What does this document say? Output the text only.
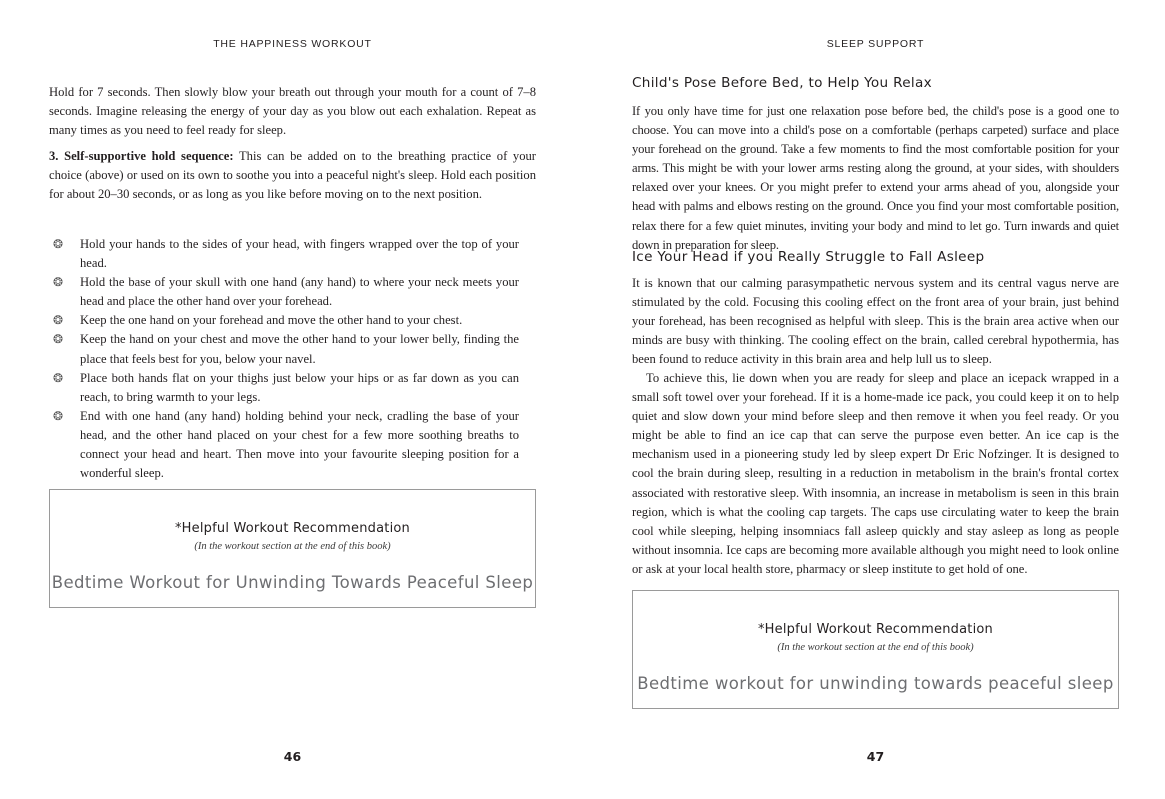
THE HAPPINESS WORKOUT

Hold for 7 seconds. Then slowly blow your breath out through your mouth for a count of 7–8 seconds. Imagine releasing the energy of your day as you blow out each exhalation. Repeat as many times as you need to feel ready for sleep.

3. Self-supportive hold sequence: This can be added on to the breathing practice of your choice (above) or used on its own to soothe you into a peaceful night's sleep. Hold each position for about 20–30 seconds, or as long as you like before moving on to the next position.

❂ Hold your hands to the sides of your head, with fingers wrapped over the top of your head.
❂ Hold the base of your skull with one hand (any hand) to where your neck meets your head and place the other hand over your forehead.
❂ Keep the one hand on your forehead and move the other hand to your chest.
❂ Keep the hand on your chest and move the other hand to your lower belly, finding the place that feels best for you, below your navel.
❂ Place both hands flat on your thighs just below your hips or as far down as you can reach, to bring warmth to your legs.
❂ End with one hand (any hand) holding behind your neck, cradling the base of your head, and the other hand placed on your chest for a few more soothing breaths to connect your head and heart. Then move into your favourite sleeping position for a wonderful sleep.
*Helpful Workout Recommendation
(In the workout section at the end of this book)
Bedtime Workout for Unwinding Towards Peaceful Sleep
46
SLEEP SUPPORT
Child's Pose Before Bed, to Help You Relax

If you only have time for just one relaxation pose before bed, the child's pose is a good one to choose. You can move into a child's pose on a comfortable (perhaps carpeted) surface and place your forehead on the ground. Take a few moments to find the most comfortable position for your arms. This might be with your lower arms resting along the ground, at your sides, with shoulders relaxed over your knees. Or you might prefer to extend your arms ahead of you, alongside your head with palms and elbows resting on the ground. Once you find your most comfortable position, relax there for a few quiet minutes, inviting your body and mind to let go. Turn inwards and quiet down in preparation for sleep.

Ice Your Head if you Really Struggle to Fall Asleep

It is known that our calming parasympathetic nervous system and its central vagus nerve are stimulated by the cold. Focusing this cooling effect on the front area of your brain, just behind your forehead, has been recognised as helpful with sleep. This is the brain area active when our minds are busy with thinking. The cooling effect on the brain, called cerebral hypothermia, has been found to reduce activity in this brain area and help lull us to sleep.

To achieve this, lie down when you are ready for sleep and place an icepack wrapped in a small soft towel over your forehead. If it is a home-made ice pack, you could keep it on to help quiet and slow down your mind before sleep and then remove it when you feel ready. Or you might be able to find an ice cap that can serve the purpose even better. An ice cap is the mechanism used in a pioneering study led by sleep expert Dr Eric Nofzinger. It is designed to cool the brain during sleep, resulting in a reduction in metabolism in the brain's frontal cortex associated with restorative sleep. With insomnia, an increase in metabolism is seen in this brain region, which is what the cooling cap targets. The caps use circulating water to keep the brain cool while sleeping, helping insomniacs fall asleep quickly and stay asleep as long as people without insomnia. Ice caps are becoming more available although you might need to look online or ask at your local health store, pharmacy or sleep institute to get hold of one.

*Helpful Workout Recommendation
(In the workout section at the end of this book)
Bedtime workout for unwinding towards peaceful sleep
47
